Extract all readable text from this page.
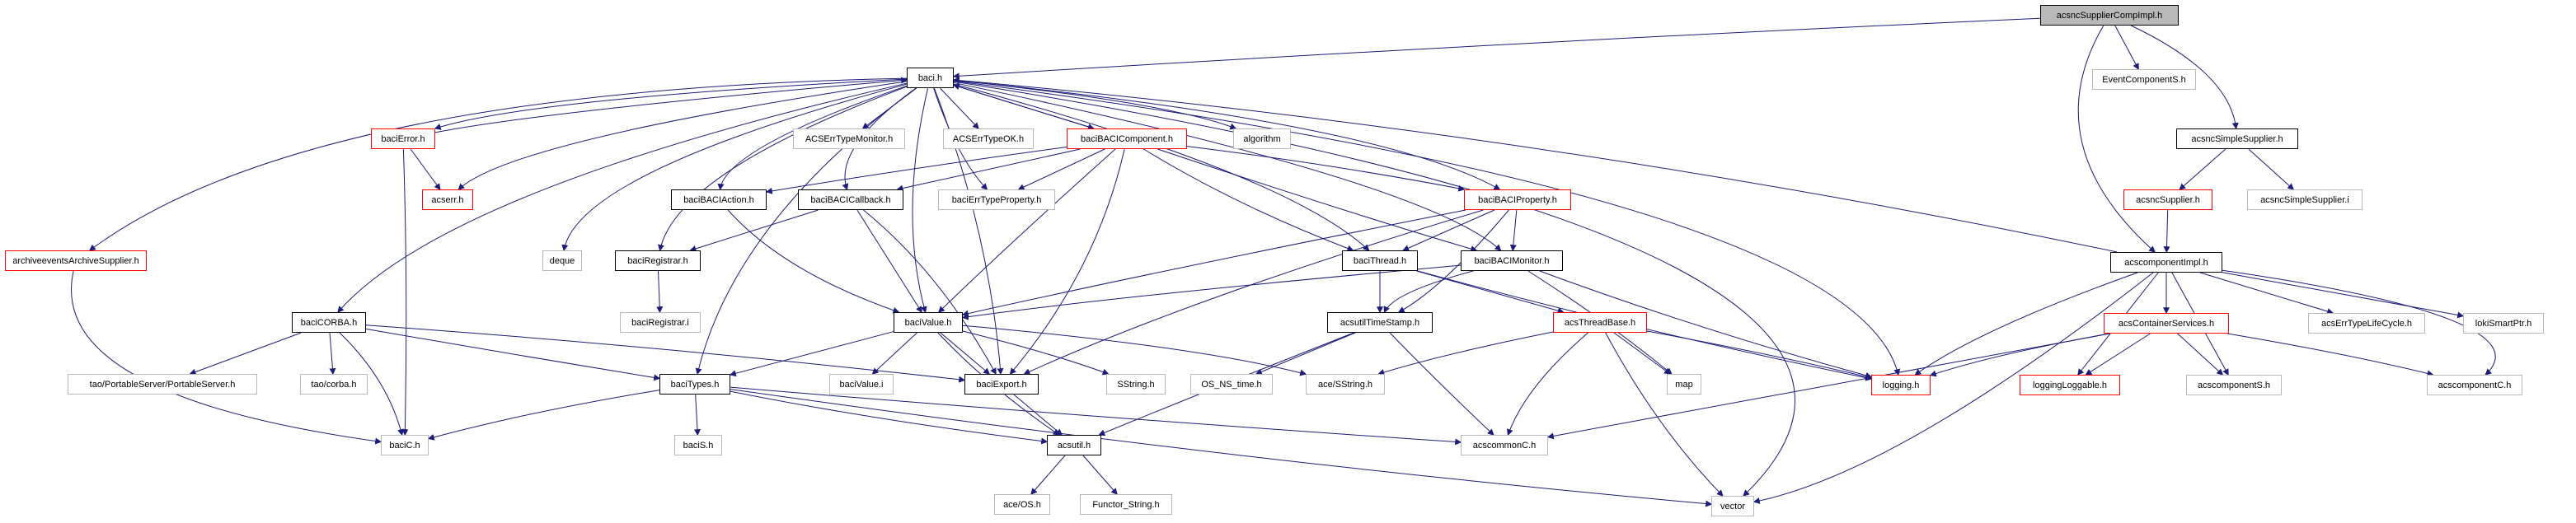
acsncSupplierCompImpl.h
baci.h	EventComponentS.h
acsncSimpleSupplier.h
acsncSupplier.h	acsncSimpleSupplier.i
acscomponentImpl.h
acsContainerServices.h	acsErrTypeLifeCycle.h	lokiSmartPtr.h
logging.h	loggingLoggable.h	acscomponentS.h	acscomponentC.h
baciError.h	ACSErrTypeMonitor.h	ACSErrTypeOK.h	baciBACIComponent.h	algorithm
acserr.h	baciBACIAction.h	baciBACICallback.h	baciErrTypeProperty.h	baciBACIProperty.h
archiveeventsArchiveSupplier.h	deque	baciRegistrar.h	baciThread.h	baciBACIMonitor.h
baciCORBA.h	baciRegistrar.i	baciValue.h	acsutilTimeStamp.h	acsThreadBase.h
tao/PortableServer/PortableServer.h	tao/corba.h	baciTypes.h	baciValue.i	baciExport.h	SString.h	OS_NS_time.h	ace/SString.h	map
baciC.h	baciS.h	acsutil.h	acscommonC.h
ace/OS.h	Functor_String.h	vector
